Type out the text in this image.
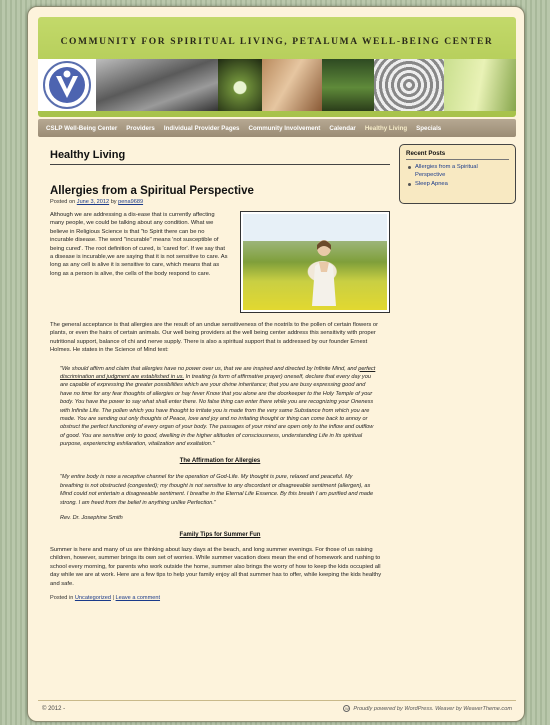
COMMUNITY FOR SPIRITUAL LIVING, PETALUMA WELL-BEING CENTER
CSLP Well-Being Center Providers Individual Provider Pages Community Involvement Calendar Healthy Living Specials
Healthy Living
Allergies from a Spiritual Perspective
Posted on June 3, 2012 by pena9689

Although we are addressing a dis-ease that is currently affecting many people, we could be talking about any condition. What we believe in Religious Science is that "to Spirit there can be no incurable disease. The word "incurable" means 'not susceptible of being cured'. The root definition of cured, is 'cared for'. If we say that a disease is incurable,we are saying that it is not sensitive to care. As long as any cell is alive it is sensitive to care, which means that as long as a person is alive, the cells of the body respond to care.

The general acceptance is that allergies are the result of an undue sensitiveness of the nostrils to the pollen of certain flowers or plants, or even the hairs of certain animals. Our well being providers at the well being center address this sensitivity with proper nutritional support, balance of chi and nerve supply. There is also a spiritual support that is addressed by our founder Ernest Holmes. He states in the Science of Mind text:

"We should affirm and claim that allergies have no power over us, that we are inspired and directed by Infinite Mind, and perfect discrimination and judgment are established in us. In treating (a form of affirmative prayer) oneself, declare that every day you are capable of expressing the greater possibilities which are your divine inheritance; that you are busy expressing good and have no time for any fear thoughts of allergies or hay fever Know that you alone are the doorkeeper to the Holy Temple of your body. You have the power to say what shall enter there. No false thing can enter there while you are recognizing your Oneness with Infinite Life. The pollen which you have thought to irritate you is made from the very same Substance from which you are made. You are sending out only thoughts of Peace, love and joy and no irritating thought or thing can come back to annoy or obstruct the perfect functioning of every organ of your body. The passages of your mind are open only to the inflow and outflow of good. You are sensitive only to good, dwelling in the higher altitudes of consciousness, understanding Life in Its spiritual purpose, experiencing exhilaration, vitalization and exaltation."

The Affirmation for Allergies

"My entire body is now a receptive channel for the operation of God-Life. My thought is pure, relaxed and peaceful. My breathing is not obstructed (congested); my thought is not sensitive to any discordant or disagreeable sentiment (allergen), as Mind could not entertain a disagreeable sentiment. I breathe in the Eternal Life Essence. By this breath I am purified and made strong. I am freed from the belief in anything unlike Perfection."

Rev. Dr. Josephine Smith

Family Tips for Summer Fun

Summer is here and many of us are thinking about lazy days at the beach, and long summer evenings. For those of us raising children, however, summer brings its own set of worries. While summer vacation does mean the end of homework and rushing to school every morning, for parents who work outside the home, summer also brings the worry of how to keep the kids occupied all day while we are at work. Here are a few tips to help your family enjoy all that summer has to offer, while keeping the kids healthy and safe.

Posted in Uncategorized | Leave a comment
Recent Posts
Allergies from a Spiritual Perspective
Sleep Apnea
© 2012 -	W Proudly powered by WordPress. Weaver by WeaverTheme.com
